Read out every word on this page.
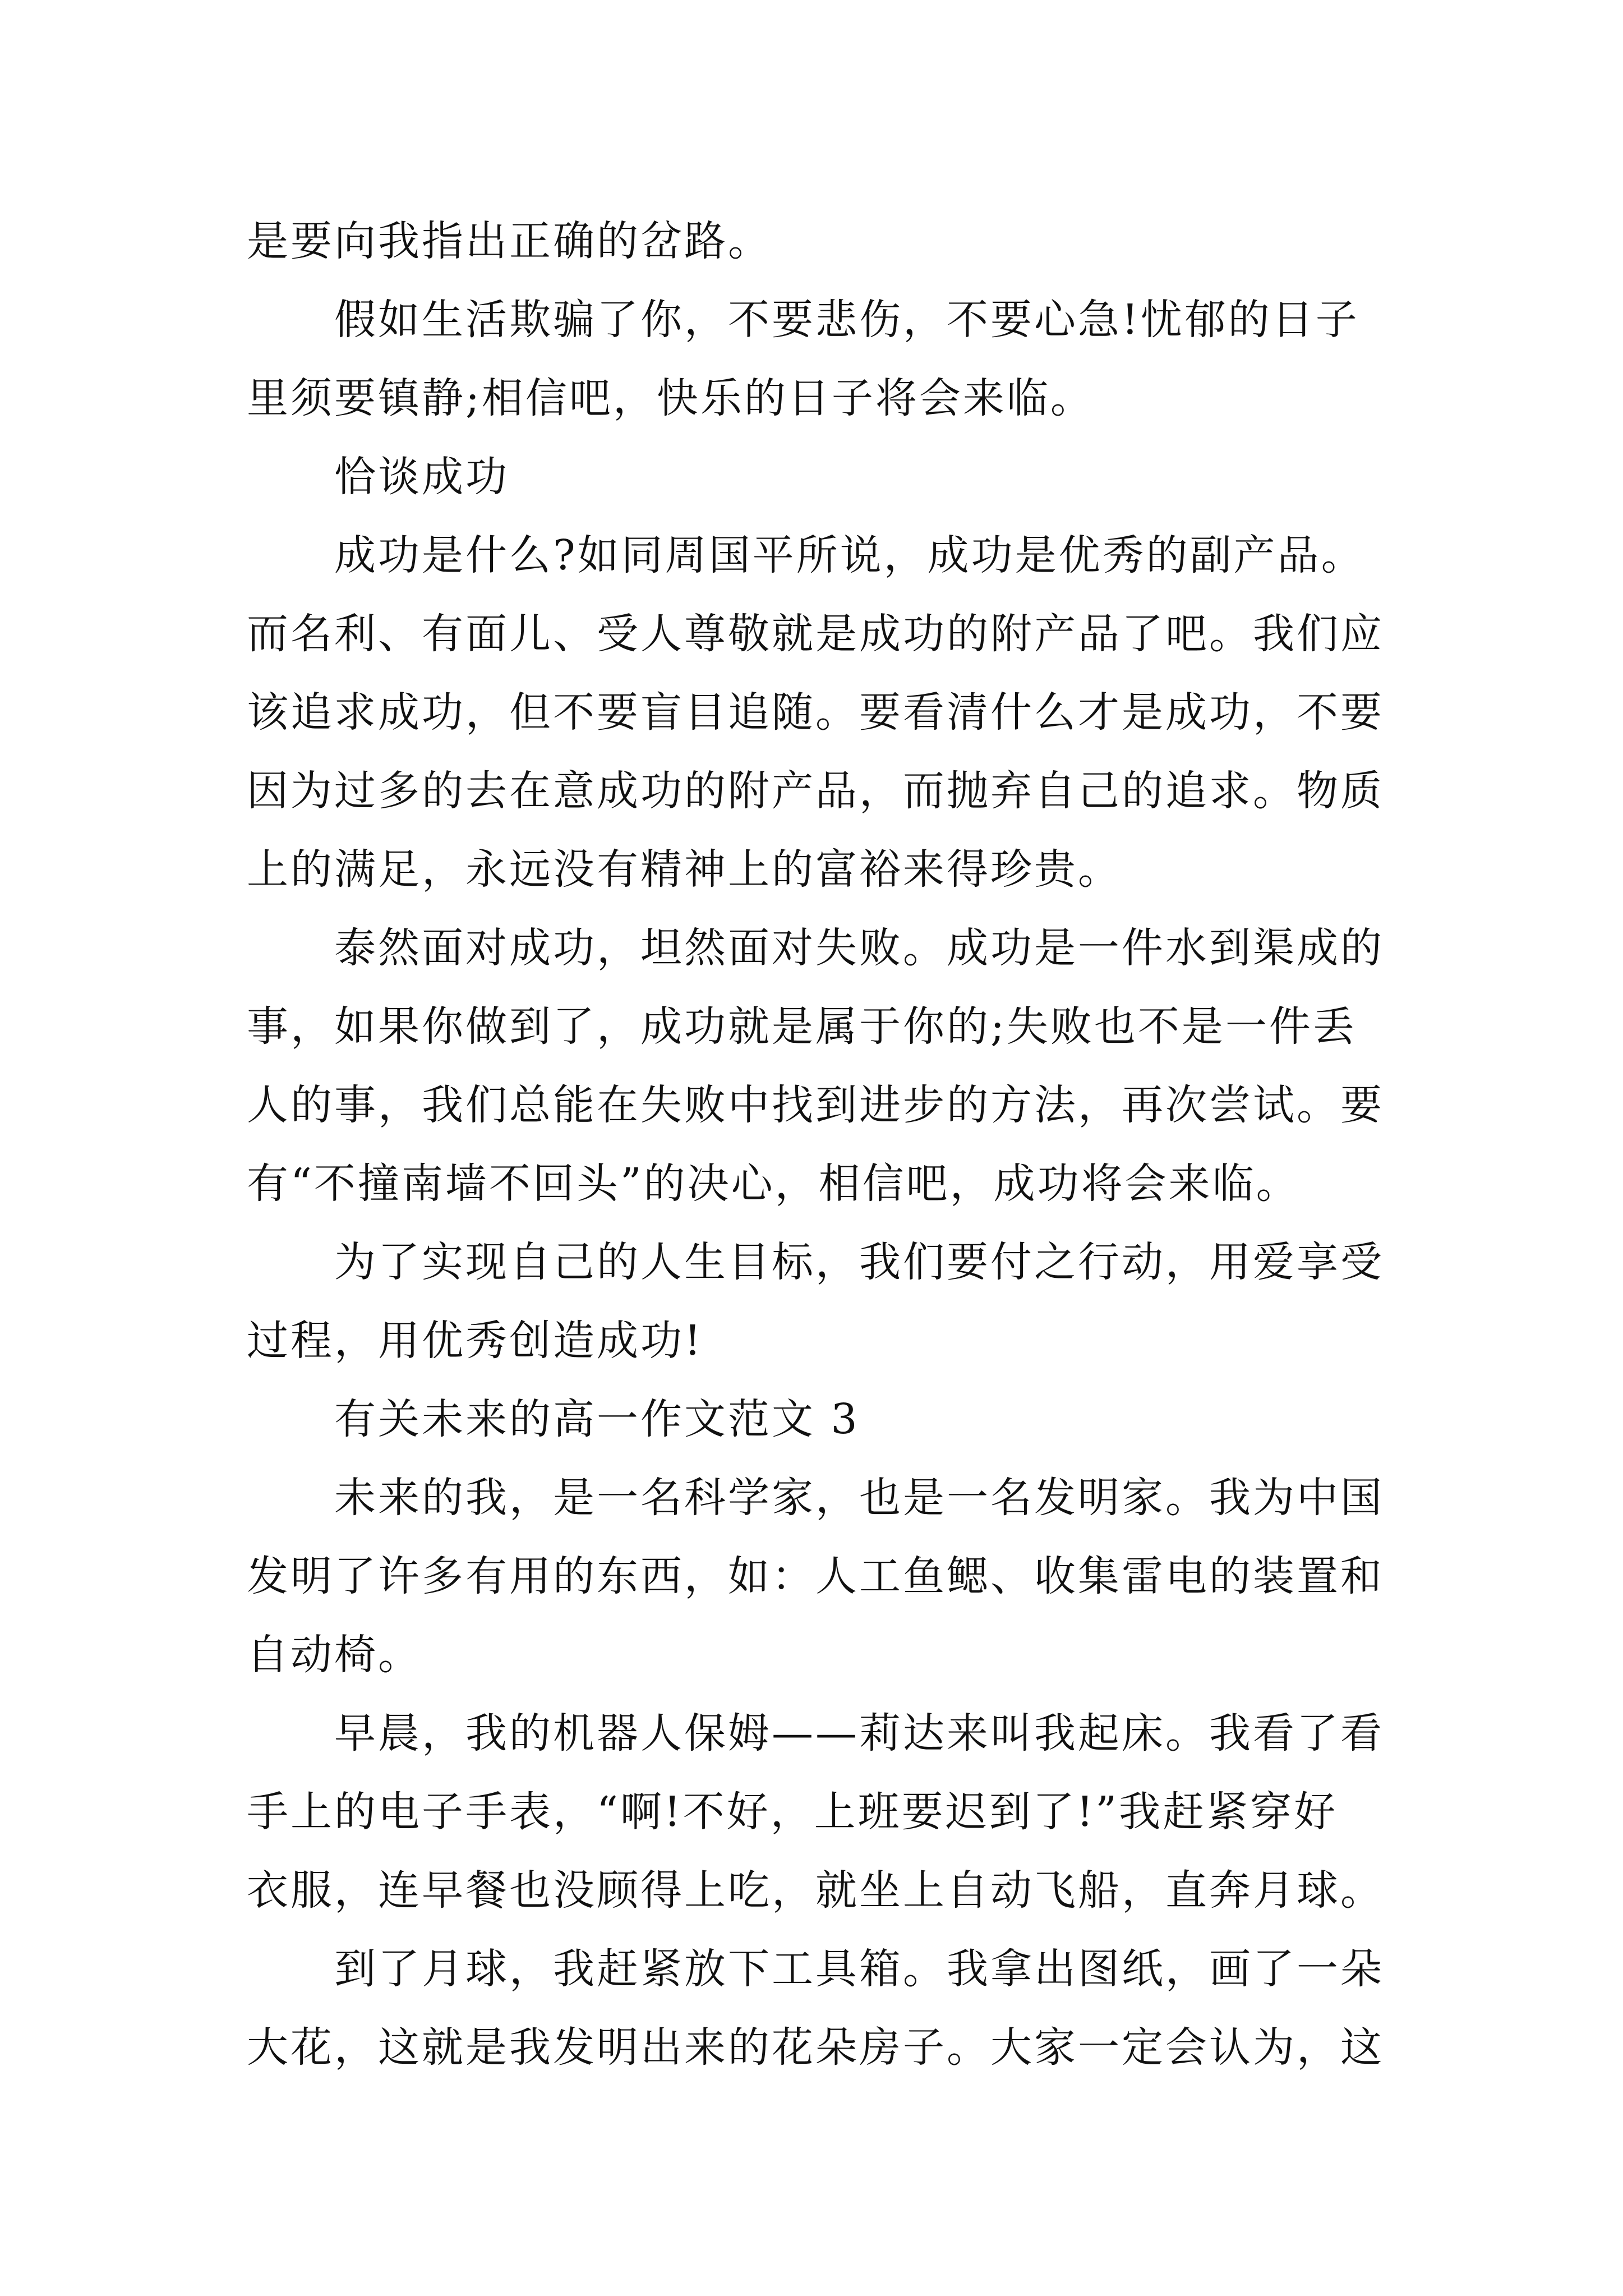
是要向我指出正确的岔路。
假如生活欺骗了你，不要悲伤，不要心急!忧郁的日子
里须要镇静;相信吧，快乐的日子将会来临。
恰谈成功
成功是什么?如同周国平所说，成功是优秀的副产品。
而名利、有面儿、受人尊敬就是成功的附产品了吧。我们应
该追求成功，但不要盲目追随。要看清什么才是成功，不要
因为过多的去在意成功的附产品，而抛弃自己的追求。物质
上的满足，永远没有精神上的富裕来得珍贵。
泰然面对成功，坦然面对失败。成功是一件水到渠成的
事，如果你做到了，成功就是属于你的;失败也不是一件丢
人的事，我们总能在失败中找到进步的方法，再次尝试。要
有“不撞南墙不回头”的决心，相信吧，成功将会来临。
为了实现自己的人生目标，我们要付之行动，用爱享受
过程，用优秀创造成功!
有关未来的高一作文范文 3
未来的我，是一名科学家，也是一名发明家。我为中国
发明了许多有用的东西，如：人工鱼鳃、收集雷电的装置和
自动椅。
早晨，我的机器人保姆——莉达来叫我起床。我看了看
手上的电子手表，“啊!不好，上班要迟到了!”我赶紧穿好
衣服，连早餐也没顾得上吃，就坐上自动飞船，直奔月球。
到了月球，我赶紧放下工具箱。我拿出图纸，画了一朵
大花，这就是我发明出来的花朵房子。大家一定会认为，这
